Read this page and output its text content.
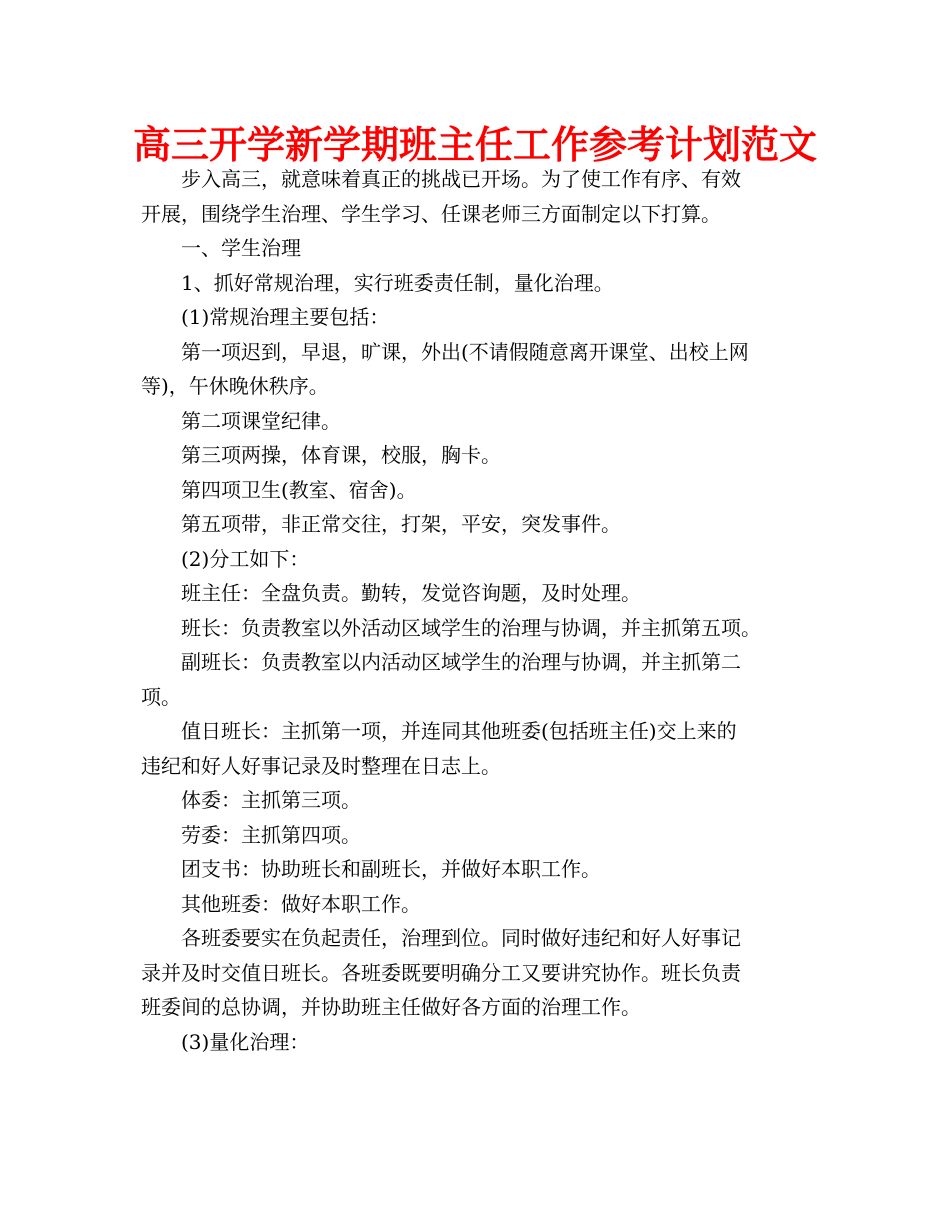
高三开学新学期班主任工作参考计划范文

步入高三，就意味着真正的挑战已开场。为了使工作有序、有效

开展，围绕学生治理、学生学习、任课老师三方面制定以下打算。

一、学生治理

1、抓好常规治理，实行班委责任制，量化治理。

(1)常规治理主要包括：

第一项迟到，早退，旷课，外出(不请假随意离开课堂、出校上网

等)，午休晚休秩序。

第二项课堂纪律。

第三项两操，体育课，校服，胸卡。

第四项卫生(教室、宿舍)。

第五项带，非正常交往，打架，平安，突发事件。

(2)分工如下：

班主任：全盘负责。勤转，发觉咨询题，及时处理。

班长：负责教室以外活动区域学生的治理与协调，并主抓第五项。

副班长：负责教室以内活动区域学生的治理与协调，并主抓第二

项。

值日班长：主抓第一项，并连同其他班委(包括班主任)交上来的

违纪和好人好事记录及时整理在日志上。

体委：主抓第三项。

劳委：主抓第四项。

团支书：协助班长和副班长，并做好本职工作。

其他班委：做好本职工作。

各班委要实在负起责任，治理到位。同时做好违纪和好人好事记

录并及时交值日班长。各班委既要明确分工又要讲究协作。班长负责

班委间的总协调，并协助班主任做好各方面的治理工作。

(3)量化治理：
